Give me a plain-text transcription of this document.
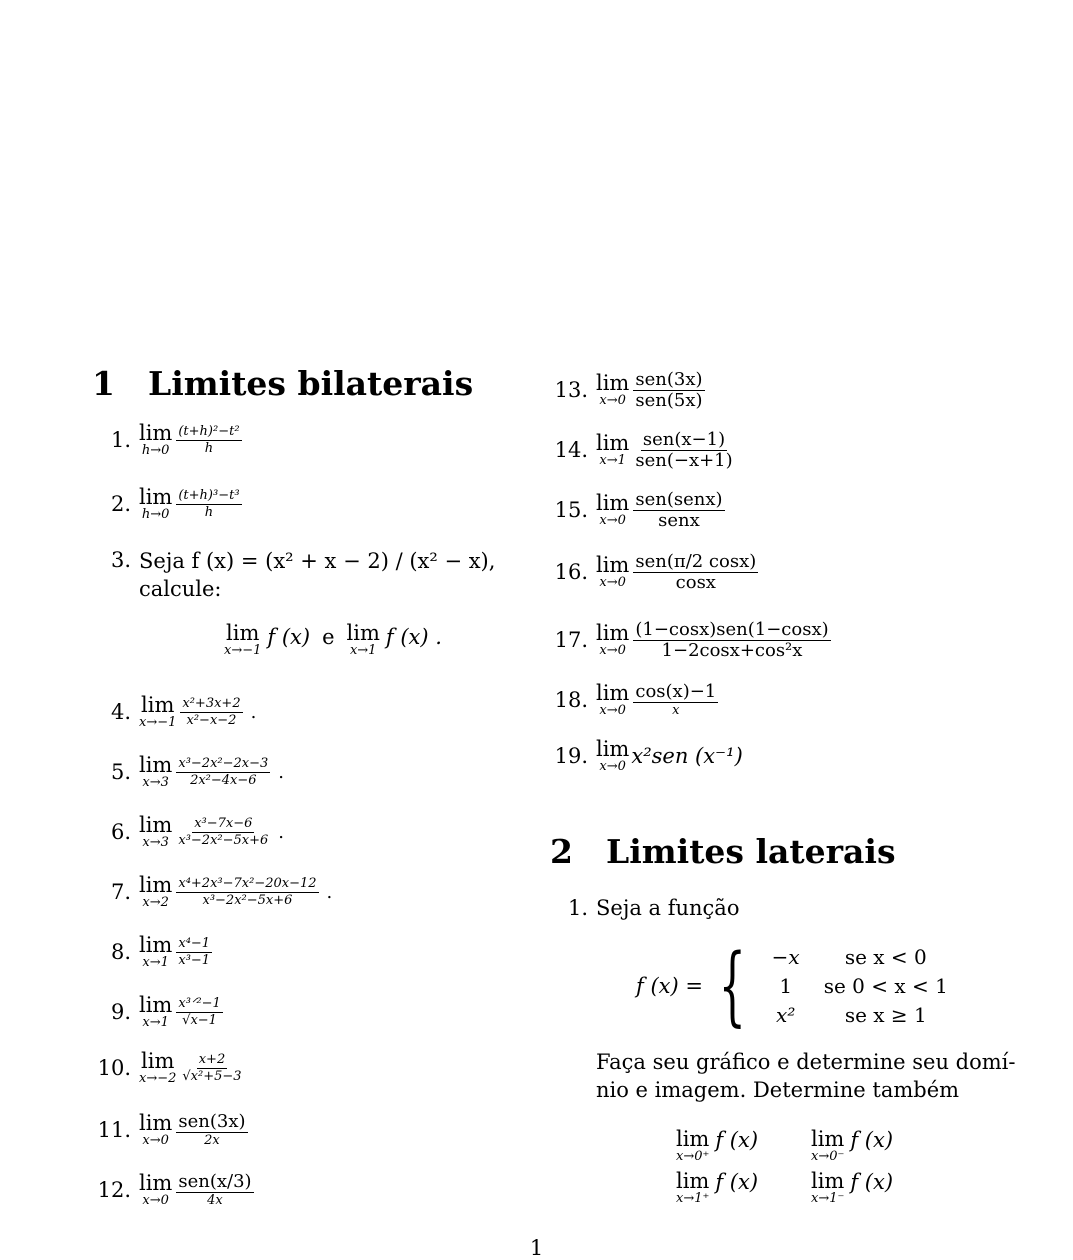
1 Limites bilaterais
1. lim
$h\to 0 \frac{\text{(t+h)²−t²}}{h}$
2. lim
$h\to 0 \frac{\text{(t+h)³−t³}}{h}$
4. lim
$x\to-1 \frac{\text{x²+3x+2}}{\text{x²−x−2}}$ .
5. lim
$x\to 3 \frac{\text{x³−2x²−2x−3}}{\text{2x²−4x−6}}$ .
6. lim
$x\to 3 \frac{\text{x³−7x−6}}{\text{x³−2x²−5x+6}}$ .
7. lim
$x\to 2 \frac{\text{x⁴+2x³−7x²−20x−12}}{\text{x³−2x²−5x+6}}$ .
8. lim
$x\to 1 \frac{\text{x⁴−1}}{\text{x³−1}}$
9. lim
$x\to 1 \frac{\text{x³ᐟ²−1}}{√x-1}$
10. lim
$x\to-2 \frac{x+2}{\text{√x²+5−3}}$
11. lim
$x\to 0 \frac{\text{sen(3x)}}{2x}$
12. lim
$x\to 0 \frac{\text{sen(x/3)}}{4x}$
13. lim
$x\to 0 \frac{\text{sen(3x)}}{\text{sen(5x)}}$
14. lim
$x\to 1 \frac{\text{sen(x−1)}}{\text{sen(−x+1)}}$
15. lim
$x\to 0 \frac{\text{sen(senx)}}{\text{senx}}$
16. lim
$x\to 0 \frac{\text{sen(π/2 cosx)}}{\cos x}$
17. lim
$x\to 0 \frac{\text{(1−cosx)sen(1−cosx)}}{\text{1−2cosx+cos²x}}$
18. lim
$x\to 0 \frac{\cos(x)-1}{x}$
19. lim
x→0 x²sen (x⁻¹)
3. Seja f (x) = (x² + x − 2) / (x² − x),
calcule:
lim
x→−1
f (x) e lim
x→1
f (x) .
2 Limites laterais
1. Seja a função
f (x) = { −x	se x < 0
1	se 0 < x < 1
x²	se x ≥ 1
Faça seu gráfico e determine seu domí-
nio e imagem. Determine também
lim
x→0⁺
f (x)	lim
x→0⁻
f (x)
lim
x→1⁺
f (x)	lim
x→1⁻
f (x)
1
